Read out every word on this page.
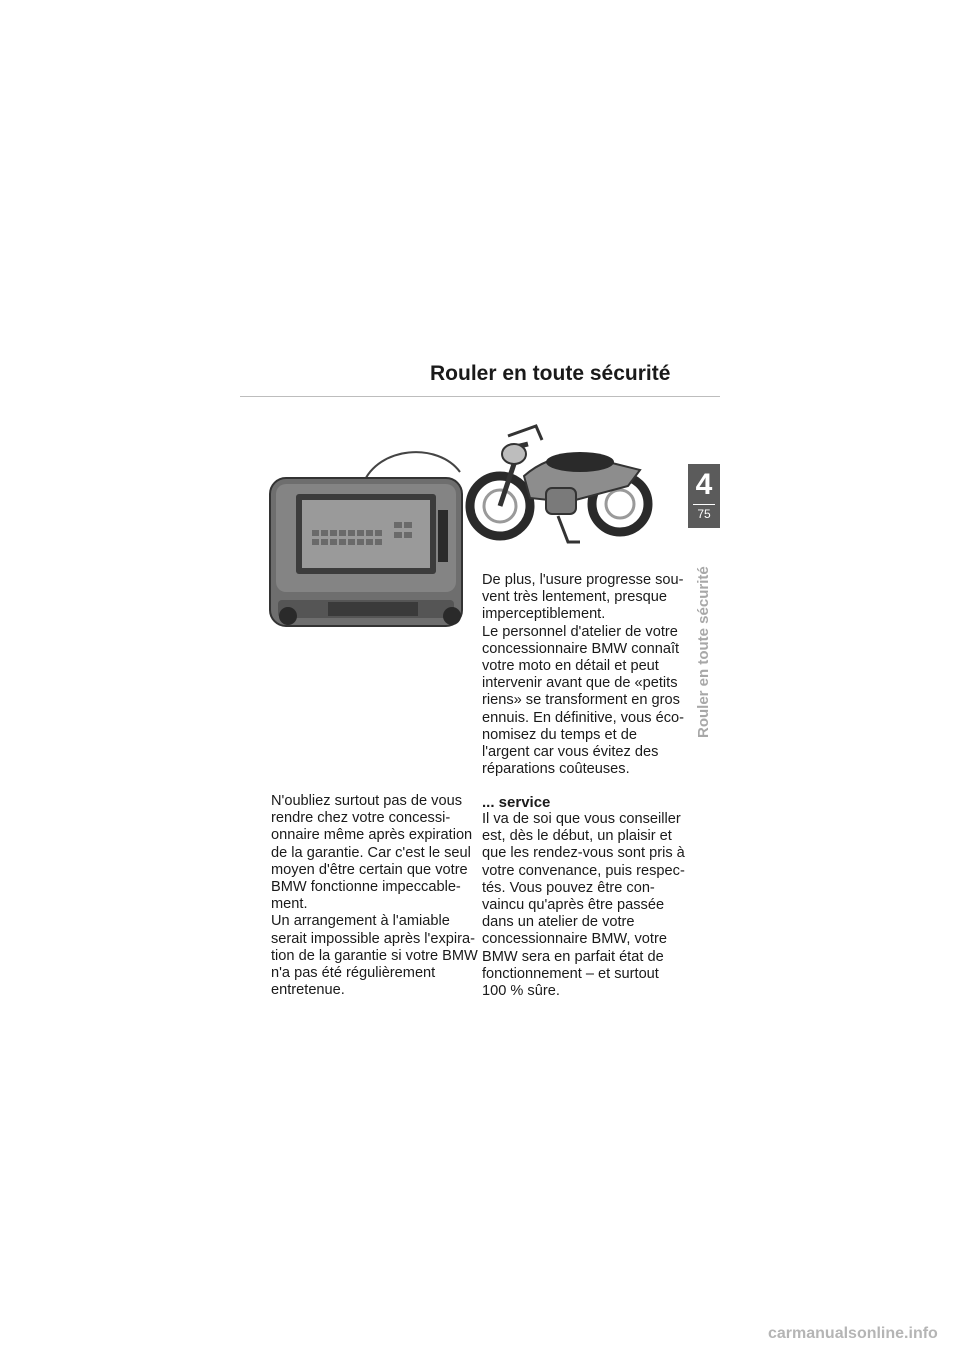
Rouler en toute sécurité
4
75
Rouler en toute sécurité
N'oubliez surtout pas de vous
rendre chez votre concessi-
onnaire même après expiration
de la garantie. Car c'est le seul
moyen d'être certain que votre
BMW fonctionne impeccable-
ment.
Un arrangement à l'amiable
serait impossible après l'expira-
tion de la garantie si votre BMW
n'a pas été régulièrement
entretenue.
De plus, l'usure progresse sou-
vent très lentement, presque
imperceptiblement.
Le personnel d'atelier de votre
concessionnaire BMW connaît
votre moto en détail et peut
intervenir avant que de «petits
riens» se transforment en gros
ennuis. En définitive, vous éco-
nomisez du temps et de
l'argent car vous évitez des
réparations coûteuses.
... service
Il va de soi que vous conseiller
est, dès le début, un plaisir et
que les rendez-vous sont pris à
votre convenance, puis respec-
tés. Vous pouvez être con-
vaincu qu'après être passée
dans un atelier de votre
concessionnaire BMW, votre
BMW sera en parfait état de
fonctionnement – et surtout
100 % sûre.
carmanualsonline.info
